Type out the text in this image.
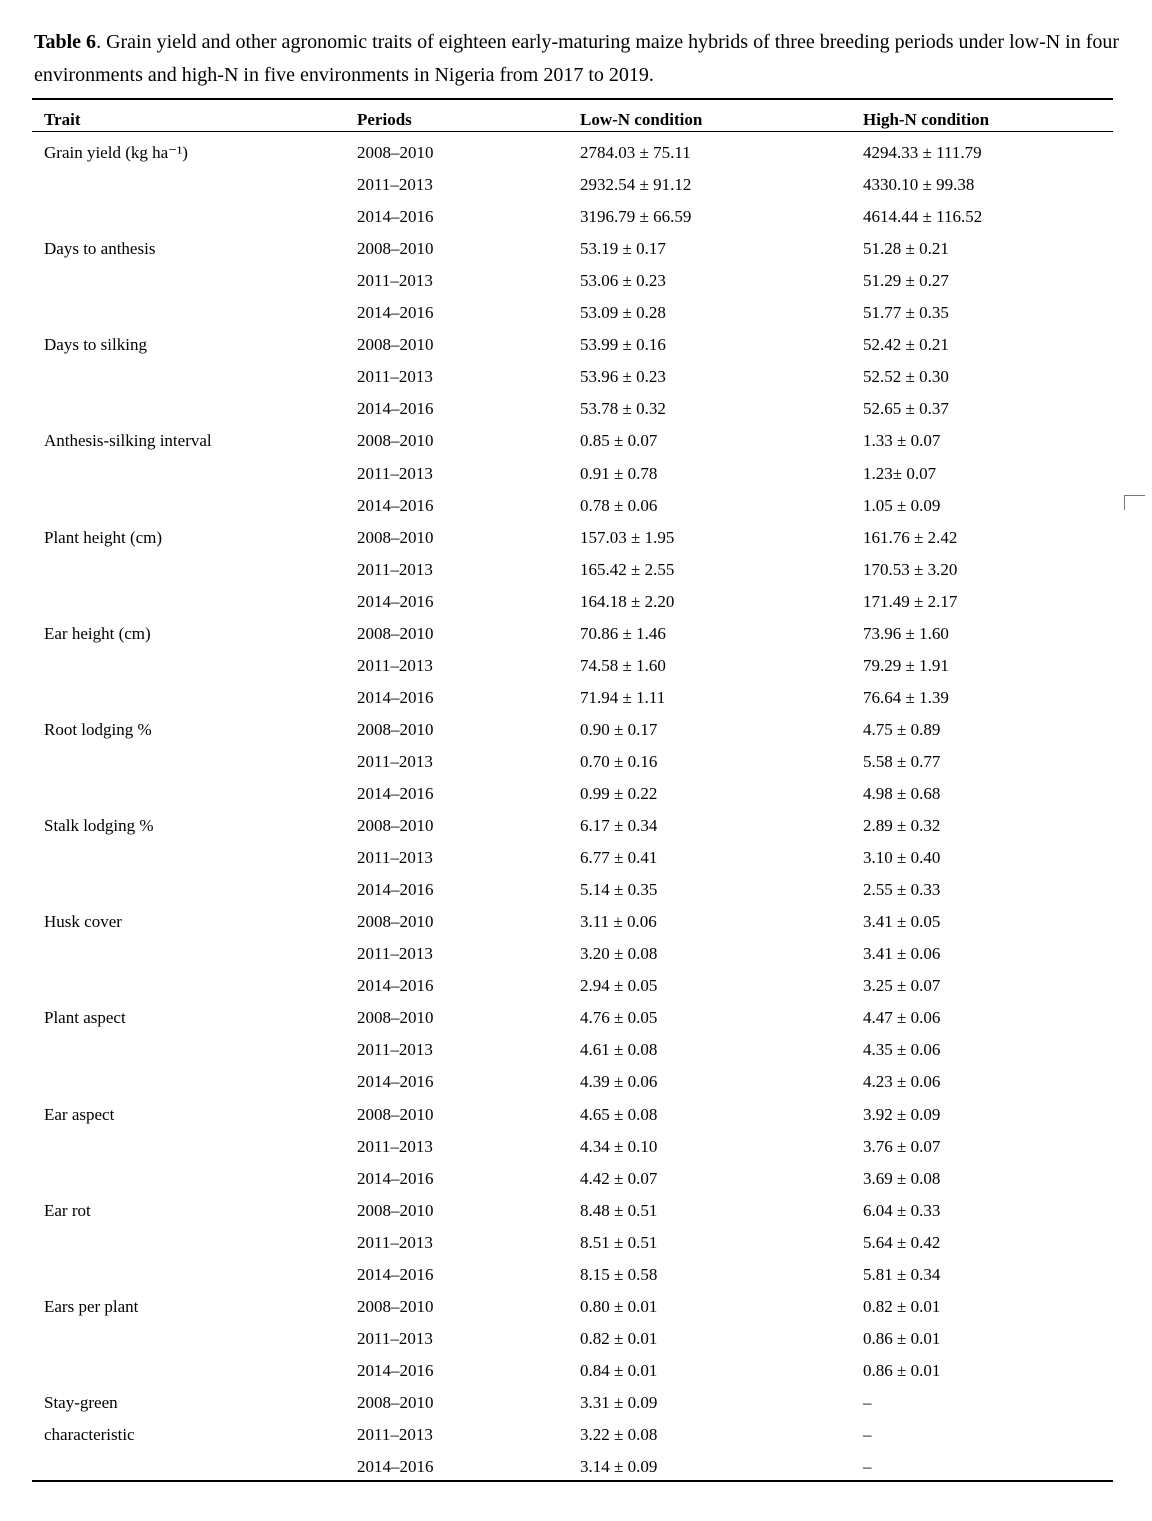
Table 6. Grain yield and other agronomic traits of eighteen early-maturing maize hybrids of three breeding periods under low-N in four environments and high-N in five environments in Nigeria from 2017 to 2019.
Trait	Periods	Low-N condition	High-N condition
Grain yield (kg ha⁻¹)	2008–2010	2784.03 ± 75.11	4294.33 ± 111.79
2011–2013	2932.54 ± 91.12	4330.10 ± 99.38
2014–2016	3196.79 ± 66.59	4614.44 ± 116.52
Days to anthesis	2008–2010	53.19 ± 0.17	51.28 ± 0.21
2011–2013	53.06 ± 0.23	51.29 ± 0.27
2014–2016	53.09 ± 0.28	51.77 ± 0.35
Days to silking	2008–2010	53.99 ± 0.16	52.42 ± 0.21
2011–2013	53.96 ± 0.23	52.52 ± 0.30
2014–2016	53.78 ± 0.32	52.65 ± 0.37
Anthesis-silking interval	2008–2010	0.85 ± 0.07	1.33 ± 0.07
2011–2013	0.91 ± 0.78	1.23± 0.07
2014–2016	0.78 ± 0.06	1.05 ± 0.09
Plant height (cm)	2008–2010	157.03 ± 1.95	161.76 ± 2.42
2011–2013	165.42 ± 2.55	170.53 ± 3.20
2014–2016	164.18 ± 2.20	171.49 ± 2.17
Ear height (cm)	2008–2010	70.86 ± 1.46	73.96 ± 1.60
2011–2013	74.58 ± 1.60	79.29 ± 1.91
2014–2016	71.94 ± 1.11	76.64 ± 1.39
Root lodging %	2008–2010	0.90 ± 0.17	4.75 ± 0.89
2011–2013	0.70 ± 0.16	5.58 ± 0.77
2014–2016	0.99 ± 0.22	4.98 ± 0.68
Stalk lodging %	2008–2010	6.17 ± 0.34	2.89 ± 0.32
2011–2013	6.77 ± 0.41	3.10 ± 0.40
2014–2016	5.14 ± 0.35	2.55 ± 0.33
Husk cover	2008–2010	3.11 ± 0.06	3.41 ± 0.05
2011–2013	3.20 ± 0.08	3.41 ± 0.06
2014–2016	2.94 ± 0.05	3.25 ± 0.07
Plant aspect	2008–2010	4.76 ± 0.05	4.47 ± 0.06
2011–2013	4.61 ± 0.08	4.35 ± 0.06
2014–2016	4.39 ± 0.06	4.23 ± 0.06
Ear aspect	2008–2010	4.65 ± 0.08	3.92 ± 0.09
2011–2013	4.34 ± 0.10	3.76 ± 0.07
2014–2016	4.42 ± 0.07	3.69 ± 0.08
Ear rot	2008–2010	8.48 ± 0.51	6.04 ± 0.33
2011–2013	8.51 ± 0.51	5.64 ± 0.42
2014–2016	8.15 ± 0.58	5.81 ± 0.34
Ears per plant	2008–2010	0.80 ± 0.01	0.82 ± 0.01
2011–2013	0.82 ± 0.01	0.86 ± 0.01
2014–2016	0.84 ± 0.01	0.86 ± 0.01
Stay-green	2008–2010	3.31 ± 0.09	–
characteristic	2011–2013	3.22 ± 0.08	–
2014–2016	3.14 ± 0.09	–
